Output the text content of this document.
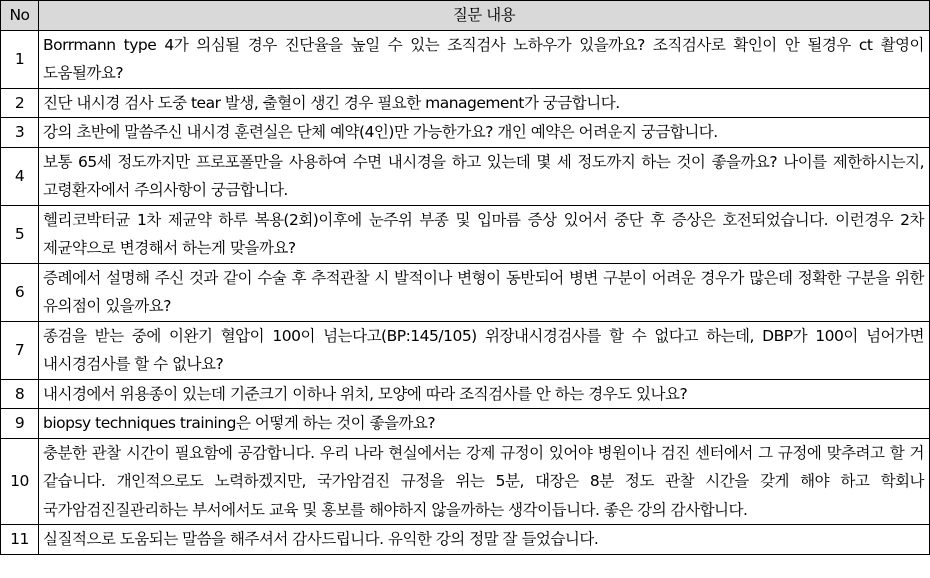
No	질문 내용
1	Borrmann type 4가 의심될 경우 진단율을 높일 수 있는 조직검사 노하우가 있을까요? 조직검사로 확인이 안 될경우 ct 촬영이 도움될까요?
2	진단 내시경 검사 도중 tear 발생, 출혈이 생긴 경우 필요한 management가 궁금합니다.
3	강의 초반에 말씀주신 내시경 훈련실은 단체 예약(4인)만 가능한가요? 개인 예약은 어려운지 궁금합니다.
4	보통 65세 정도까지만 프로포폴만을 사용하여 수면 내시경을 하고 있는데 몇 세 정도까지 하는 것이 좋을까요? 나이를 제한하시는지, 고령환자에서 주의사항이 궁금합니다.
5	헬리코박터균 1차 제균약 하루 복용(2회)이후에 눈주위 부종 및 입마름 증상 있어서 중단 후 증상은 호전되었습니다. 이런경우 2차 제균약으로 변경해서 하는게 맞을까요?
6	증례에서 설명해 주신 것과 같이 수술 후 추적관찰 시 발적이나 변형이 동반되어 병변 구분이 어려운 경우가 많은데 정확한 구분을 위한 유의점이 있을까요?
7	종검을 받는 중에 이완기 혈압이 100이 넘는다고(BP:145/105) 위장내시경검사를 할 수 없다고 하는데, DBP가 100이 넘어가면 내시경검사를 할 수 없나요?
8	내시경에서 위용종이 있는데 기준크기 이하나 위치, 모양에 따라 조직검사를 안 하는 경우도 있나요?
9	biopsy techniques training은 어떻게 하는 것이 좋을까요?
10	충분한 관찰 시간이 필요함에 공감합니다. 우리 나라 현실에서는 강제 규정이 있어야 병원이나 검진 센터에서 그 규정에 맞추려고 할 거 같습니다. 개인적으로도 노력하겠지만, 국가암검진 규정을 위는 5분, 대장은 8분 정도 관찰 시간을 갖게 해야 하고 학회나 국가암검진질관리하는 부서에서도 교육 및 홍보를 해야하지 않을까하는 생각이듭니다. 좋은 강의 감사합니다.
11	실질적으로 도움되는 말씀을 해주셔서 감사드립니다. 유익한 강의 정말 잘 들었습니다.
